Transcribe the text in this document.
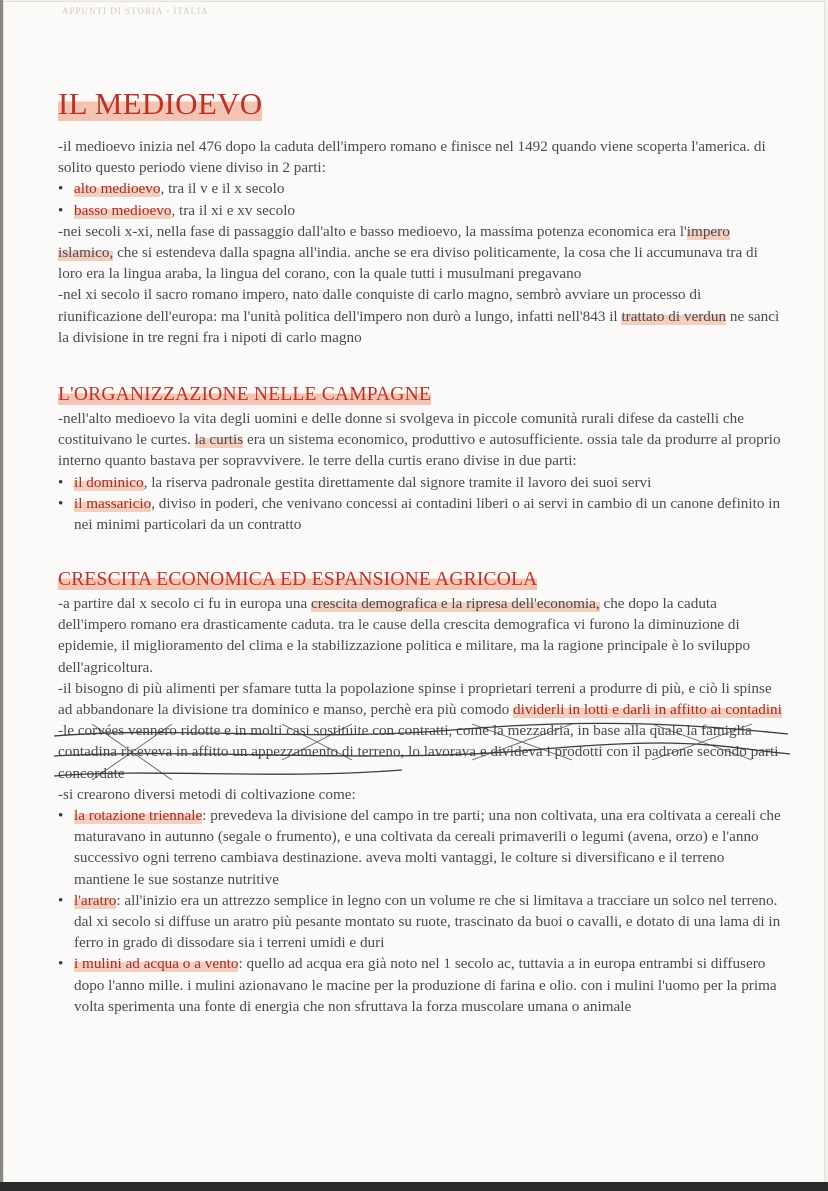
APPUNTI DI STORIA · ITALIA
IL MEDIOEVO

-il medioevo inizia nel 476 dopo la caduta dell'impero romano e finisce nel 1492 quando viene scoperta l'america. di solito questo periodo viene diviso in 2 parti:

• alto medioevo, tra il v e il x secolo

• basso medioevo, tra il xi e xv secolo

-nei secoli x-xi, nella fase di passaggio dall'alto e basso medioevo, la massima potenza economica era l'impero islamico, che si estendeva dalla spagna all'india. anche se era diviso politicamente, la cosa che li accumunava tra di loro era la lingua araba, la lingua del corano, con la quale tutti i musulmani pregavano

-nel xi secolo il sacro romano impero, nato dalle conquiste di carlo magno, sembrò avviare un processo di riunificazione dell'europa: ma l'unità politica dell'impero non durò a lungo, infatti nell'843 il trattato di verdun ne sancì la divisione in tre regni fra i nipoti di carlo magno

L'ORGANIZZAZIONE NELLE CAMPAGNE

-nell'alto medioevo la vita degli uomini e delle donne si svolgeva in piccole comunità rurali difese da castelli che costituivano le curtes. la curtis era un sistema economico, produttivo e autosufficiente. ossia tale da produrre al proprio interno quanto bastava per sopravvivere. le terre della curtis erano divise in due parti:

• il dominico, la riserva padronale gestita direttamente dal signore tramite il lavoro dei suoi servi

• il massaricio, diviso in poderi, che venivano concessi ai contadini liberi o ai servi in cambio di un canone definito in nei minimi particolari da un contratto

CRESCITA ECONOMICA ED ESPANSIONE AGRICOLA

-a partire dal x secolo ci fu in europa una crescita demografica e la ripresa dell'economia, che dopo la caduta dell'impero romano era drasticamente caduta. tra le cause della crescita demografica vi furono la diminuzione di epidemie, il miglioramento del clima e la stabilizzazione politica e militare, ma la ragione principale è lo sviluppo dell'agricoltura.

-il bisogno di più alimenti per sfamare tutta la popolazione spinse i proprietari terreni a produrre di più, e ciò li spinse ad abbandonare la divisione tra dominico e manso, perchè era più comodo dividerli in lotti e darli in affitto ai contadini

-le corvées vennero ridotte e in molti casi sostituite con contratti, come la mezzadria, in base alla quale la famiglia contadina riceveva in affitto un appezzamento di terreno, lo lavorava e divideva i prodotti con il padrone secondo parti concordate

-si crearono diversi metodi di coltivazione come:

• la rotazione triennale: prevedeva la divisione del campo in tre parti; una non coltivata, una era coltivata a cereali che maturavano in autunno (segale o frumento), e una coltivata da cereali primaverili o legumi (avena, orzo) e l'anno successivo ogni terreno cambiava destinazione. aveva molti vantaggi, le colture si diversificano e il terreno mantiene le sue sostanze nutritive

• l'aratro: all'inizio era un attrezzo semplice in legno con un volume re che si limitava a tracciare un solco nel terreno. dal xi secolo si diffuse un aratro più pesante montato su ruote, trascinato da buoi o cavalli, e dotato di una lama di in ferro in grado di dissodare sia i terreni umidi e duri

• i mulini ad acqua o a vento: quello ad acqua era già noto nel 1 secolo ac, tuttavia a in europa entrambi si diffusero dopo l'anno mille. i mulini azionavano le macine per la produzione di farina e olio. con i mulini l'uomo per la prima volta sperimenta una fonte di energia che non sfruttava la forza muscolare umana o animale
